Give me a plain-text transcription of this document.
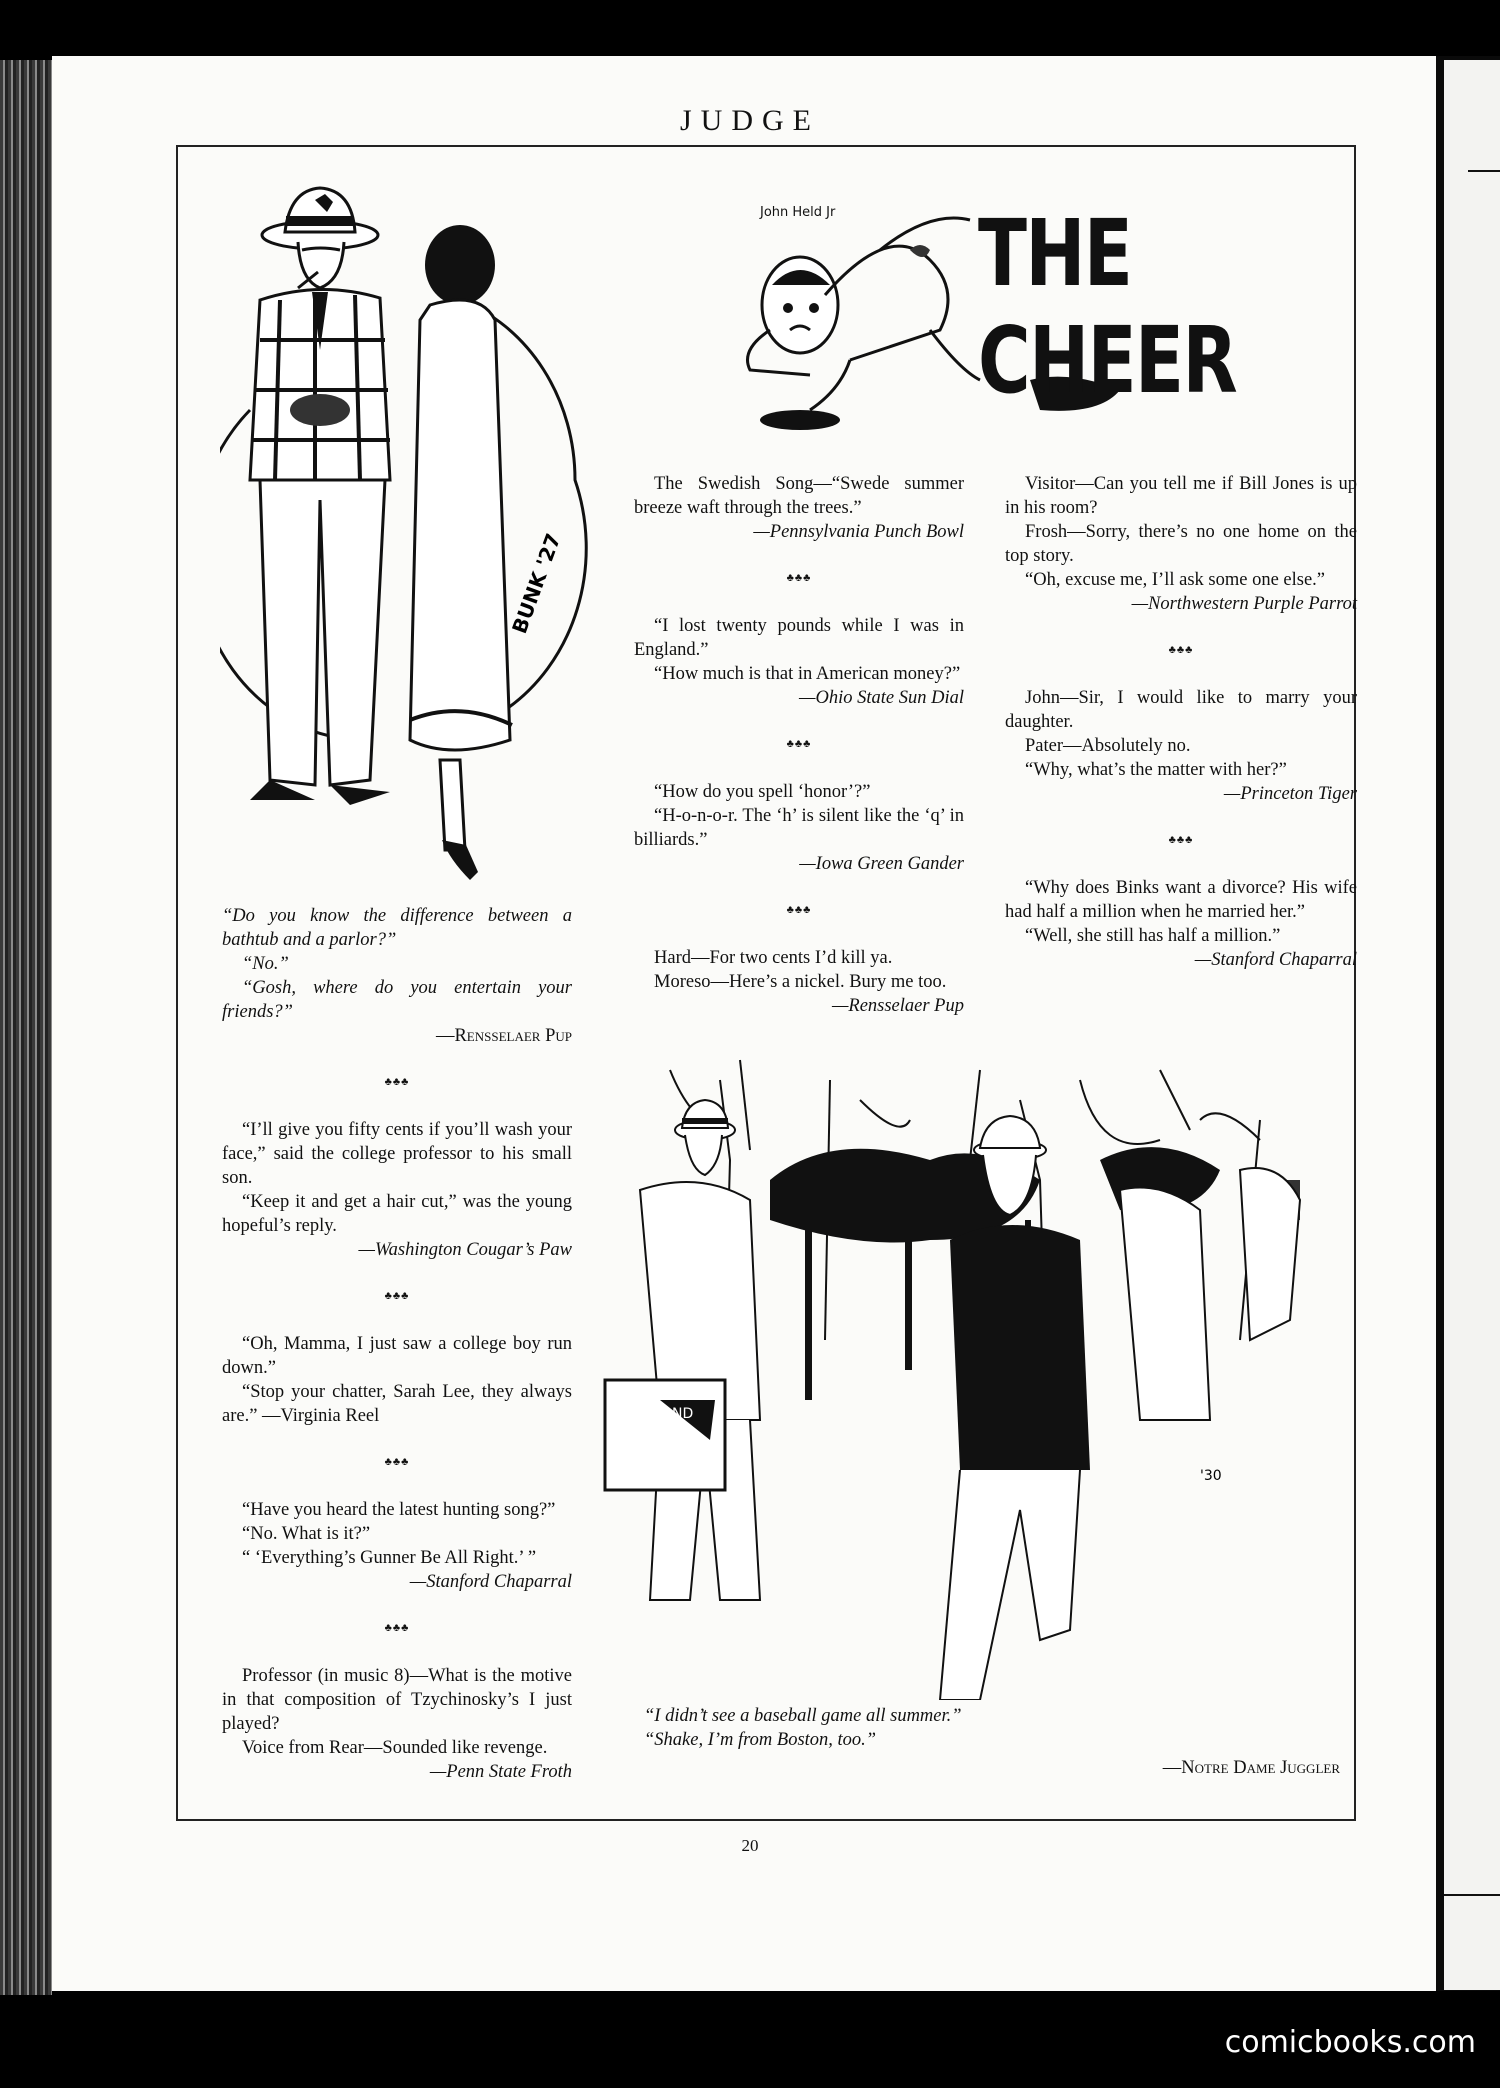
JUDGE
BUNK '27
John Held Jr THE CHEER

“Do you know the difference between a bathtub and a parlor?”

“No.”

“Gosh, where do you entertain your friends?”

—Rensselaer Pup

♣♣♣

“I’ll give you fifty cents if you’ll wash your face,” said the college professor to his small son.

“Keep it and get a hair cut,” was the young hopeful’s reply.

—Washington Cougar’s Paw

♣♣♣

“Oh, Mamma, I just saw a college boy run down.”

“Stop your chatter, Sarah Lee, they always are.” —Virginia Reel

♣♣♣

“Have you heard the latest hunting song?”

“No. What is it?”

“ ‘Everything’s Gunner Be All Right.’ ”

—Stanford Chaparral

♣♣♣

Professor (in music 8)—What is the motive in that composition of Tzychinosky’s I just played?

Voice from Rear—Sounded like revenge.

—Penn State Froth

The Swedish Song—“Swede summer breeze waft through the trees.”

—Pennsylvania Punch Bowl

♣♣♣

“I lost twenty pounds while I was in England.”

“How much is that in American money?”

—Ohio State Sun Dial

♣♣♣

“How do you spell ‘honor’?”

“H-o-n-o-r. The ‘h’ is silent like the ‘q’ in billiards.”

—Iowa Green Gander

♣♣♣

Hard—For two cents I’d kill ya.

Moreso—Here’s a nickel. Bury me too.

—Rensselaer Pup

Visitor—Can you tell me if Bill Jones is up in his room?

Frosh—Sorry, there’s no one home on the top story.

“Oh, excuse me, I’ll ask some one else.”

—Northwestern Purple Parrot

♣♣♣

John—Sir, I would like to marry your daughter.

Pater—Absolutely no.

“Why, what’s the matter with her?”

—Princeton Tiger

♣♣♣

“Why does Binks want a divorce? His wife had half a million when he married her.”

“Well, she still has half a million.”

—Stanford Chaparral

ND
'30

“I didn’t see a baseball game all summer.”

“Shake, I’m from Boston, too.”

—Notre Dame Juggler

20
comicbooks.com
